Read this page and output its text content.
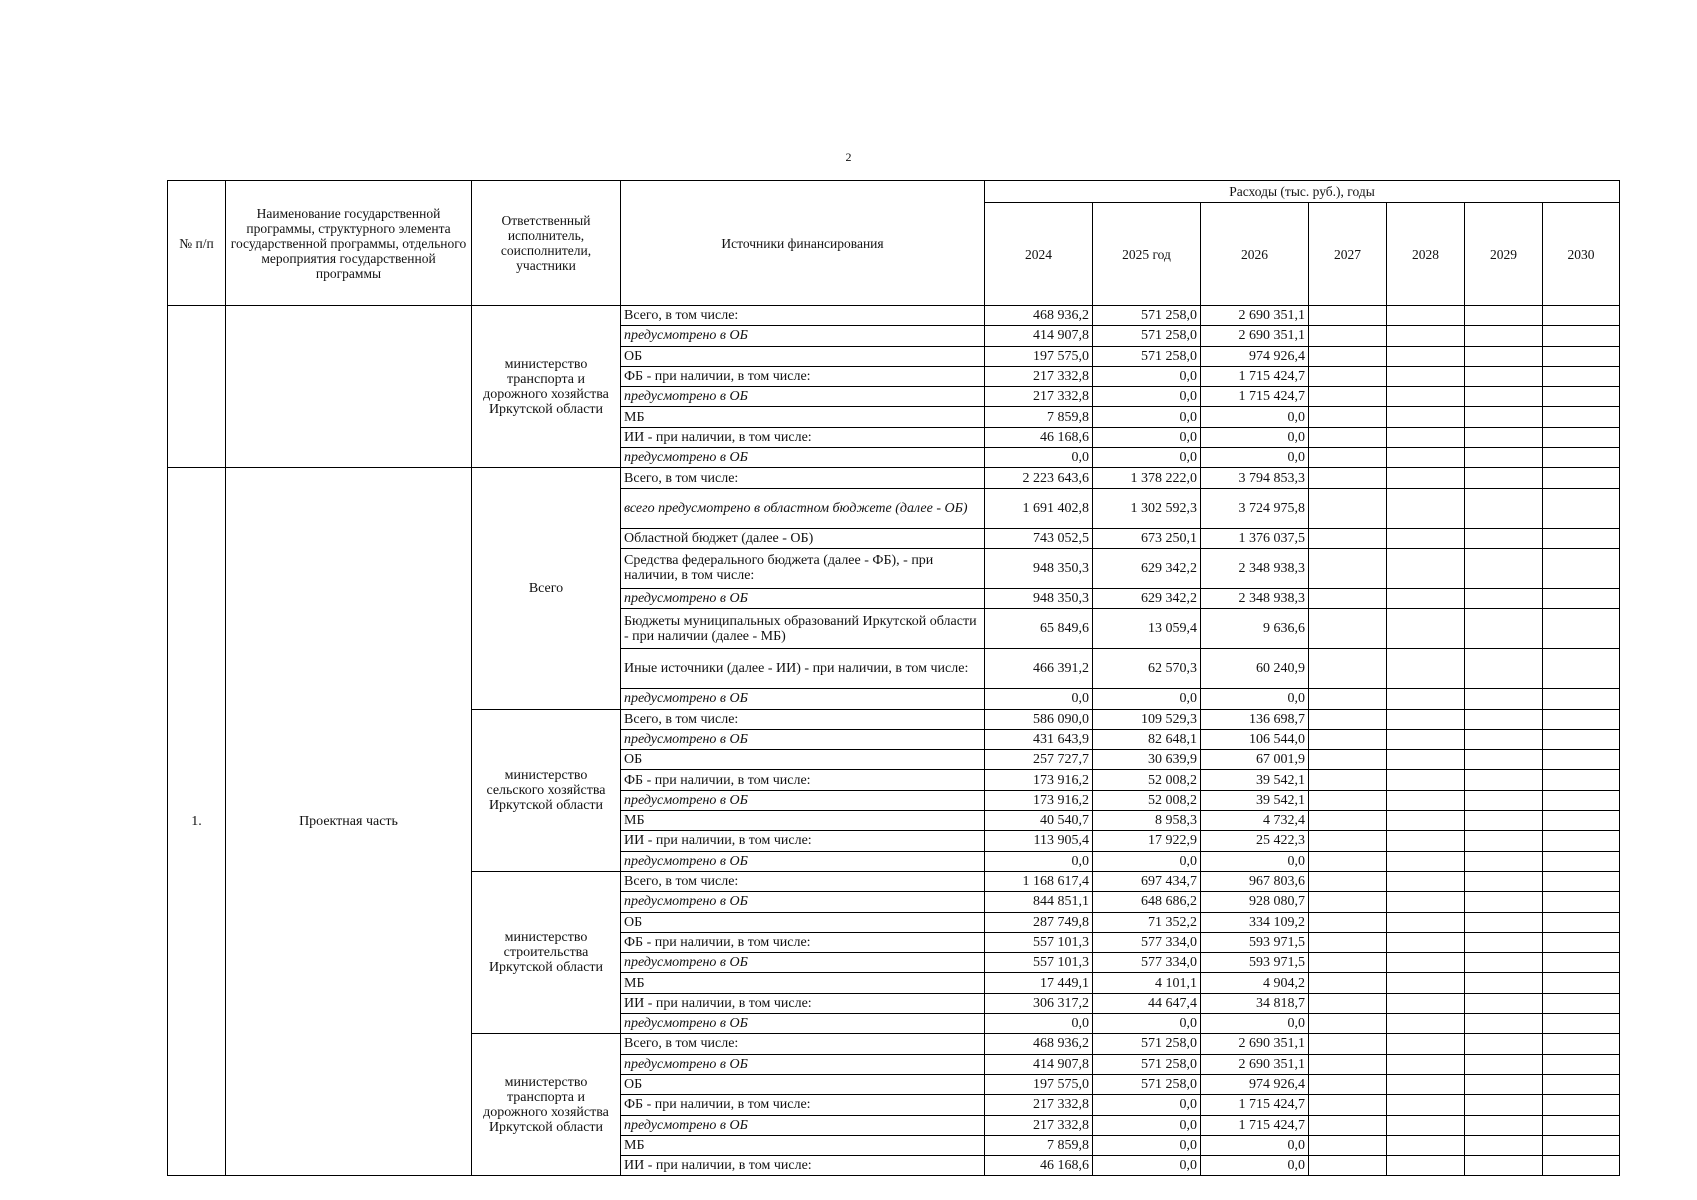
2
№ п/п	Наименование государственной программы, структурного элемента государственной программы, отдельного мероприятия государственной программы	Ответственный исполнитель, соисполнители, участники	Источники финансирования	Расходы (тыс. руб.), годы						
				2024	2025 год	2026	2027	2028	2029	2030
		министерство транспорта и дорожного хозяйства Иркутской области	Всего, в том числе:	468 936,2	571 258,0	2 690 351,1				
			предусмотрено в ОБ	414 907,8	571 258,0	2 690 351,1				
			ОБ	197 575,0	571 258,0	974 926,4				
			ФБ - при наличии, в том числе:	217 332,8	0,0	1 715 424,7				
			предусмотрено в ОБ	217 332,8	0,0	1 715 424,7				
			МБ	7 859,8	0,0	0,0				
			ИИ - при наличии, в том числе:	46 168,6	0,0	0,0				
			предусмотрено в ОБ	0,0	0,0	0,0				
1.	Проектная часть	Всего	Всего, в том числе:	2 223 643,6	1 378 222,0	3 794 853,3				
			всего предусмотрено в областном бюджете (далее - ОБ)	1 691 402,8	1 302 592,3	3 724 975,8				
			Областной бюджет (далее - ОБ)	743 052,5	673 250,1	1 376 037,5				
			Средства федерального бюджета (далее - ФБ), - при наличии, в том числе:	948 350,3	629 342,2	2 348 938,3				
			предусмотрено в ОБ	948 350,3	629 342,2	2 348 938,3				
			Бюджеты муниципальных образований Иркутской области - при наличии (далее - МБ)	65 849,6	13 059,4	9 636,6				
			Иные источники (далее - ИИ) - при наличии, в том числе:	466 391,2	62 570,3	60 240,9				
			предусмотрено в ОБ	0,0	0,0	0,0				
		министерство сельского хозяйства Иркутской области	Всего, в том числе:	586 090,0	109 529,3	136 698,7				
			предусмотрено в ОБ	431 643,9	82 648,1	106 544,0				
			ОБ	257 727,7	30 639,9	67 001,9				
			ФБ - при наличии, в том числе:	173 916,2	52 008,2	39 542,1				
			предусмотрено в ОБ	173 916,2	52 008,2	39 542,1				
			МБ	40 540,7	8 958,3	4 732,4				
			ИИ - при наличии, в том числе:	113 905,4	17 922,9	25 422,3				
			предусмотрено в ОБ	0,0	0,0	0,0				
		министерство строительства Иркутской области	Всего, в том числе:	1 168 617,4	697 434,7	967 803,6				
			предусмотрено в ОБ	844 851,1	648 686,2	928 080,7				
			ОБ	287 749,8	71 352,2	334 109,2				
			ФБ - при наличии, в том числе:	557 101,3	577 334,0	593 971,5				
			предусмотрено в ОБ	557 101,3	577 334,0	593 971,5				
			МБ	17 449,1	4 101,1	4 904,2				
			ИИ - при наличии, в том числе:	306 317,2	44 647,4	34 818,7				
			предусмотрено в ОБ	0,0	0,0	0,0				
		министерство транспорта и дорожного хозяйства Иркутской области	Всего, в том числе:	468 936,2	571 258,0	2 690 351,1				
			предусмотрено в ОБ	414 907,8	571 258,0	2 690 351,1				
			ОБ	197 575,0	571 258,0	974 926,4				
			ФБ - при наличии, в том числе:	217 332,8	0,0	1 715 424,7				
			предусмотрено в ОБ	217 332,8	0,0	1 715 424,7				
			МБ	7 859,8	0,0	0,0				
			ИИ - при наличии, в том числе:	46 168,6	0,0	0,0				
